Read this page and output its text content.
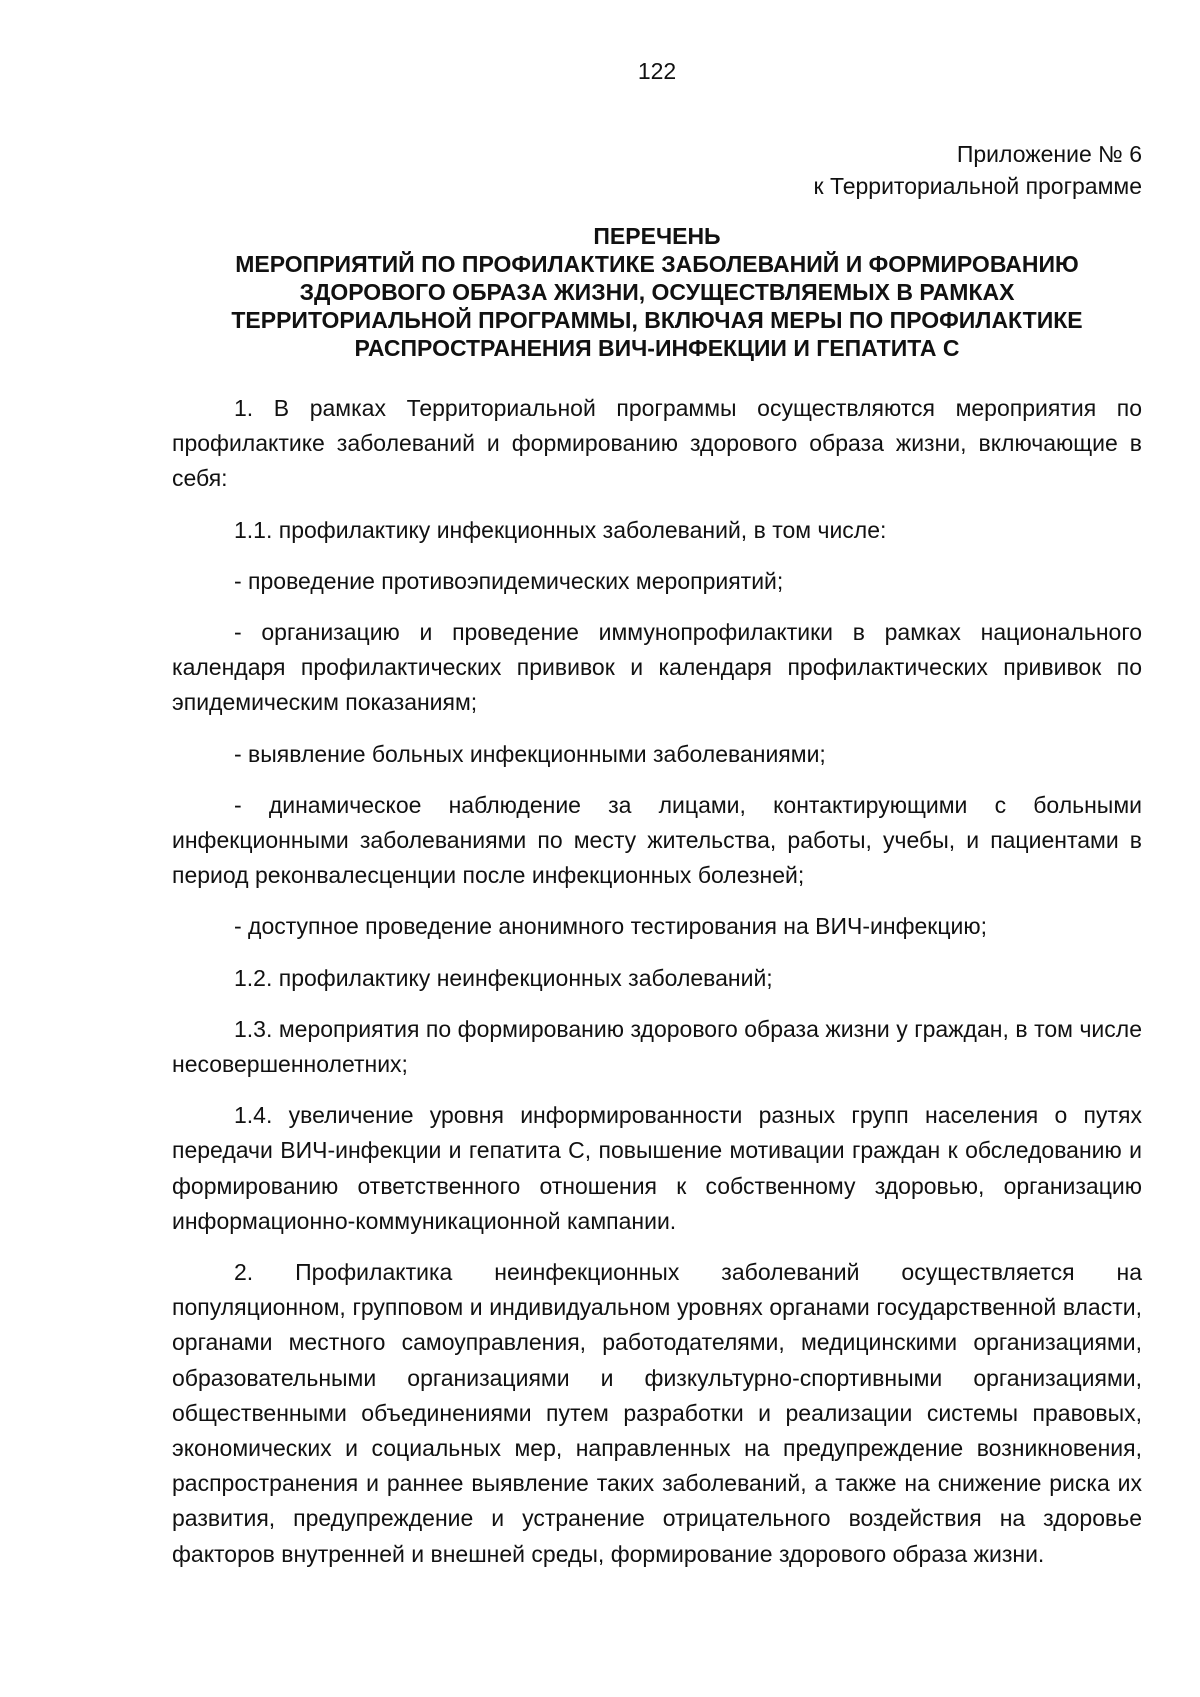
122
Приложение № 6
к Территориальной программе
ПЕРЕЧЕНЬ
МЕРОПРИЯТИЙ ПО ПРОФИЛАКТИКЕ ЗАБОЛЕВАНИЙ И ФОРМИРОВАНИЮ
ЗДОРОВОГО ОБРАЗА ЖИЗНИ, ОСУЩЕСТВЛЯЕМЫХ В РАМКАХ
ТЕРРИТОРИАЛЬНОЙ ПРОГРАММЫ, ВКЛЮЧАЯ МЕРЫ ПО ПРОФИЛАКТИКЕ
РАСПРОСТРАНЕНИЯ ВИЧ-ИНФЕКЦИИ И ГЕПАТИТА С

1. В рамках Территориальной программы осуществляются мероприятия по профилактике заболеваний и формированию здорового образа жизни, включающие в себя:

1.1. профилактику инфекционных заболеваний, в том числе:

- проведение противоэпидемических мероприятий;

- организацию и проведение иммунопрофилактики в рамках национального календаря профилактических прививок и календаря профилактических прививок по эпидемическим показаниям;

- выявление больных инфекционными заболеваниями;

- динамическое наблюдение за лицами, контактирующими с больными инфекционными заболеваниями по месту жительства, работы, учебы, и пациентами в период реконвалесценции после инфекционных болезней;

- доступное проведение анонимного тестирования на ВИЧ-инфекцию;

1.2. профилактику неинфекционных заболеваний;

1.3. мероприятия по формированию здорового образа жизни у граждан, в том числе несовершеннолетних;

1.4. увеличение уровня информированности разных групп населения о путях передачи ВИЧ-инфекции и гепатита С, повышение мотивации граждан к обследованию и формированию ответственного отношения к собственному здоровью, организацию информационно-коммуникационной кампании.

2. Профилактика неинфекционных заболеваний осуществляется на популяционном, групповом и индивидуальном уровнях органами государственной власти, органами местного самоуправления, работодателями, медицинскими организациями, образовательными организациями и физкультурно-спортивными организациями, общественными объединениями путем разработки и реализации системы правовых, экономических и социальных мер, направленных на предупреждение возникновения, распространения и раннее выявление таких заболеваний, а также на снижение риска их развития, предупреждение и устранение отрицательного воздействия на здоровье факторов внутренней и внешней среды, формирование здорового образа жизни.
